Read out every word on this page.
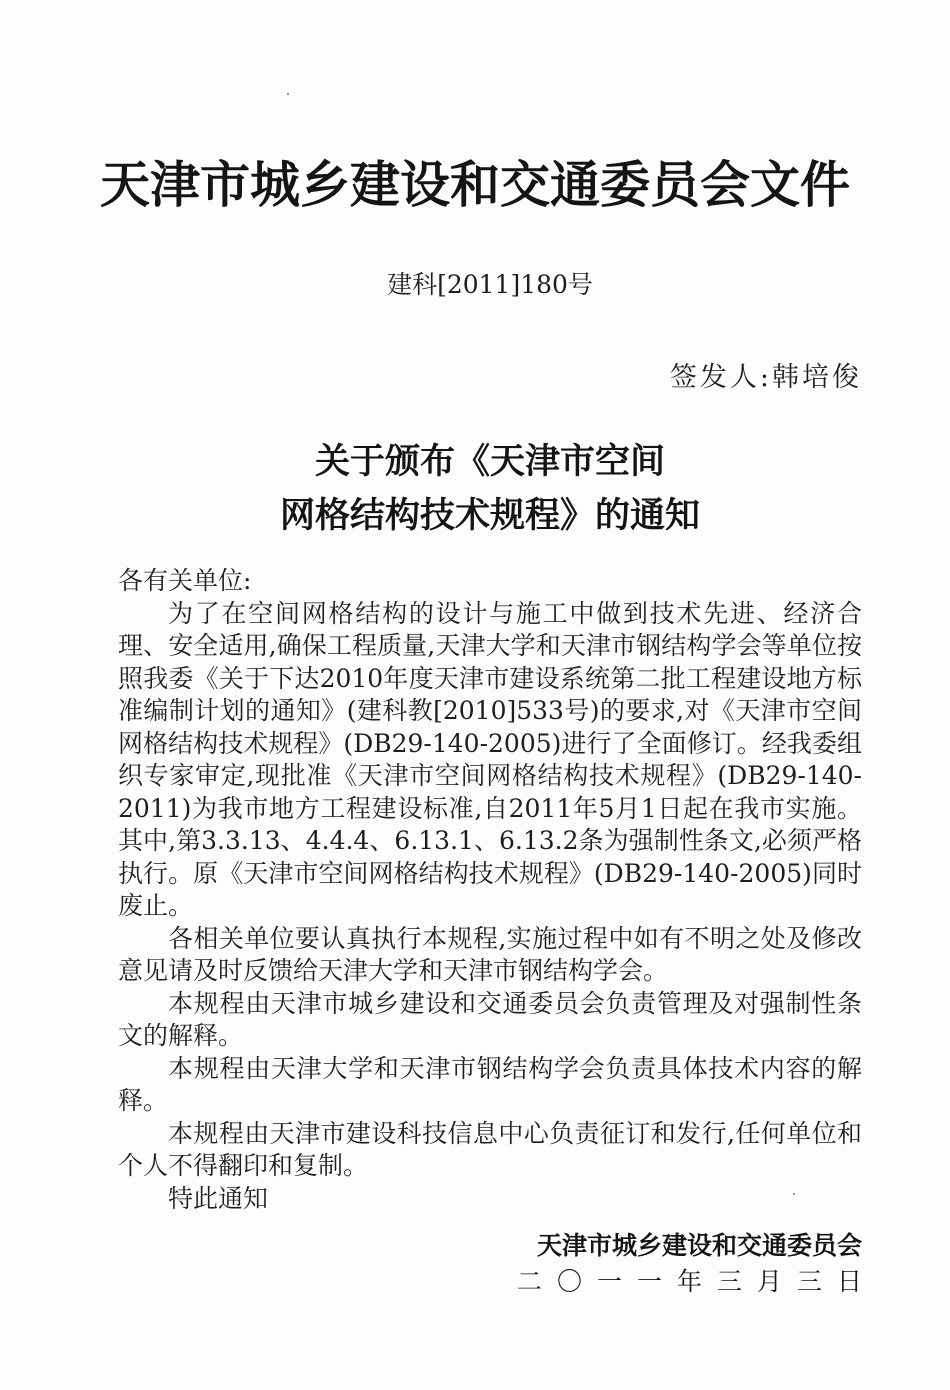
天津市城乡建设和交通委员会文件
建科[2011]180号
签发人:韩培俊
关于颁布《天津市空间
网格结构技术规程》的通知

各有关单位:

为了在空间网格结构的设计与施工中做到技术先进、经济合理、安全适用,确保工程质量,天津大学和天津市钢结构学会等单位按照我委《关于下达2010年度天津市建设系统第二批工程建设地方标准编制计划的通知》(建科教[2010]533号)的要求,对《天津市空间网格结构技术规程》(DB29-140-2005)进行了全面修订。经我委组织专家审定,现批准《天津市空间网格结构技术规程》(DB29-140-2011)为我市地方工程建设标准,自2011年5月1日起在我市实施。其中,第3.3.13、4.4.4、6.13.1、6.13.2条为强制性条文,必须严格执行。原《天津市空间网格结构技术规程》(DB29-140-2005)同时废止。

各相关单位要认真执行本规程,实施过程中如有不明之处及修改意见请及时反馈给天津大学和天津市钢结构学会。

本规程由天津市城乡建设和交通委员会负责管理及对强制性条文的解释。

本规程由天津大学和天津市钢结构学会负责具体技术内容的解释。

本规程由天津市建设科技信息中心负责征订和发行,任何单位和个人不得翻印和复制。

特此通知

天津市城乡建设和交通委员会
二〇一一年三月三日
